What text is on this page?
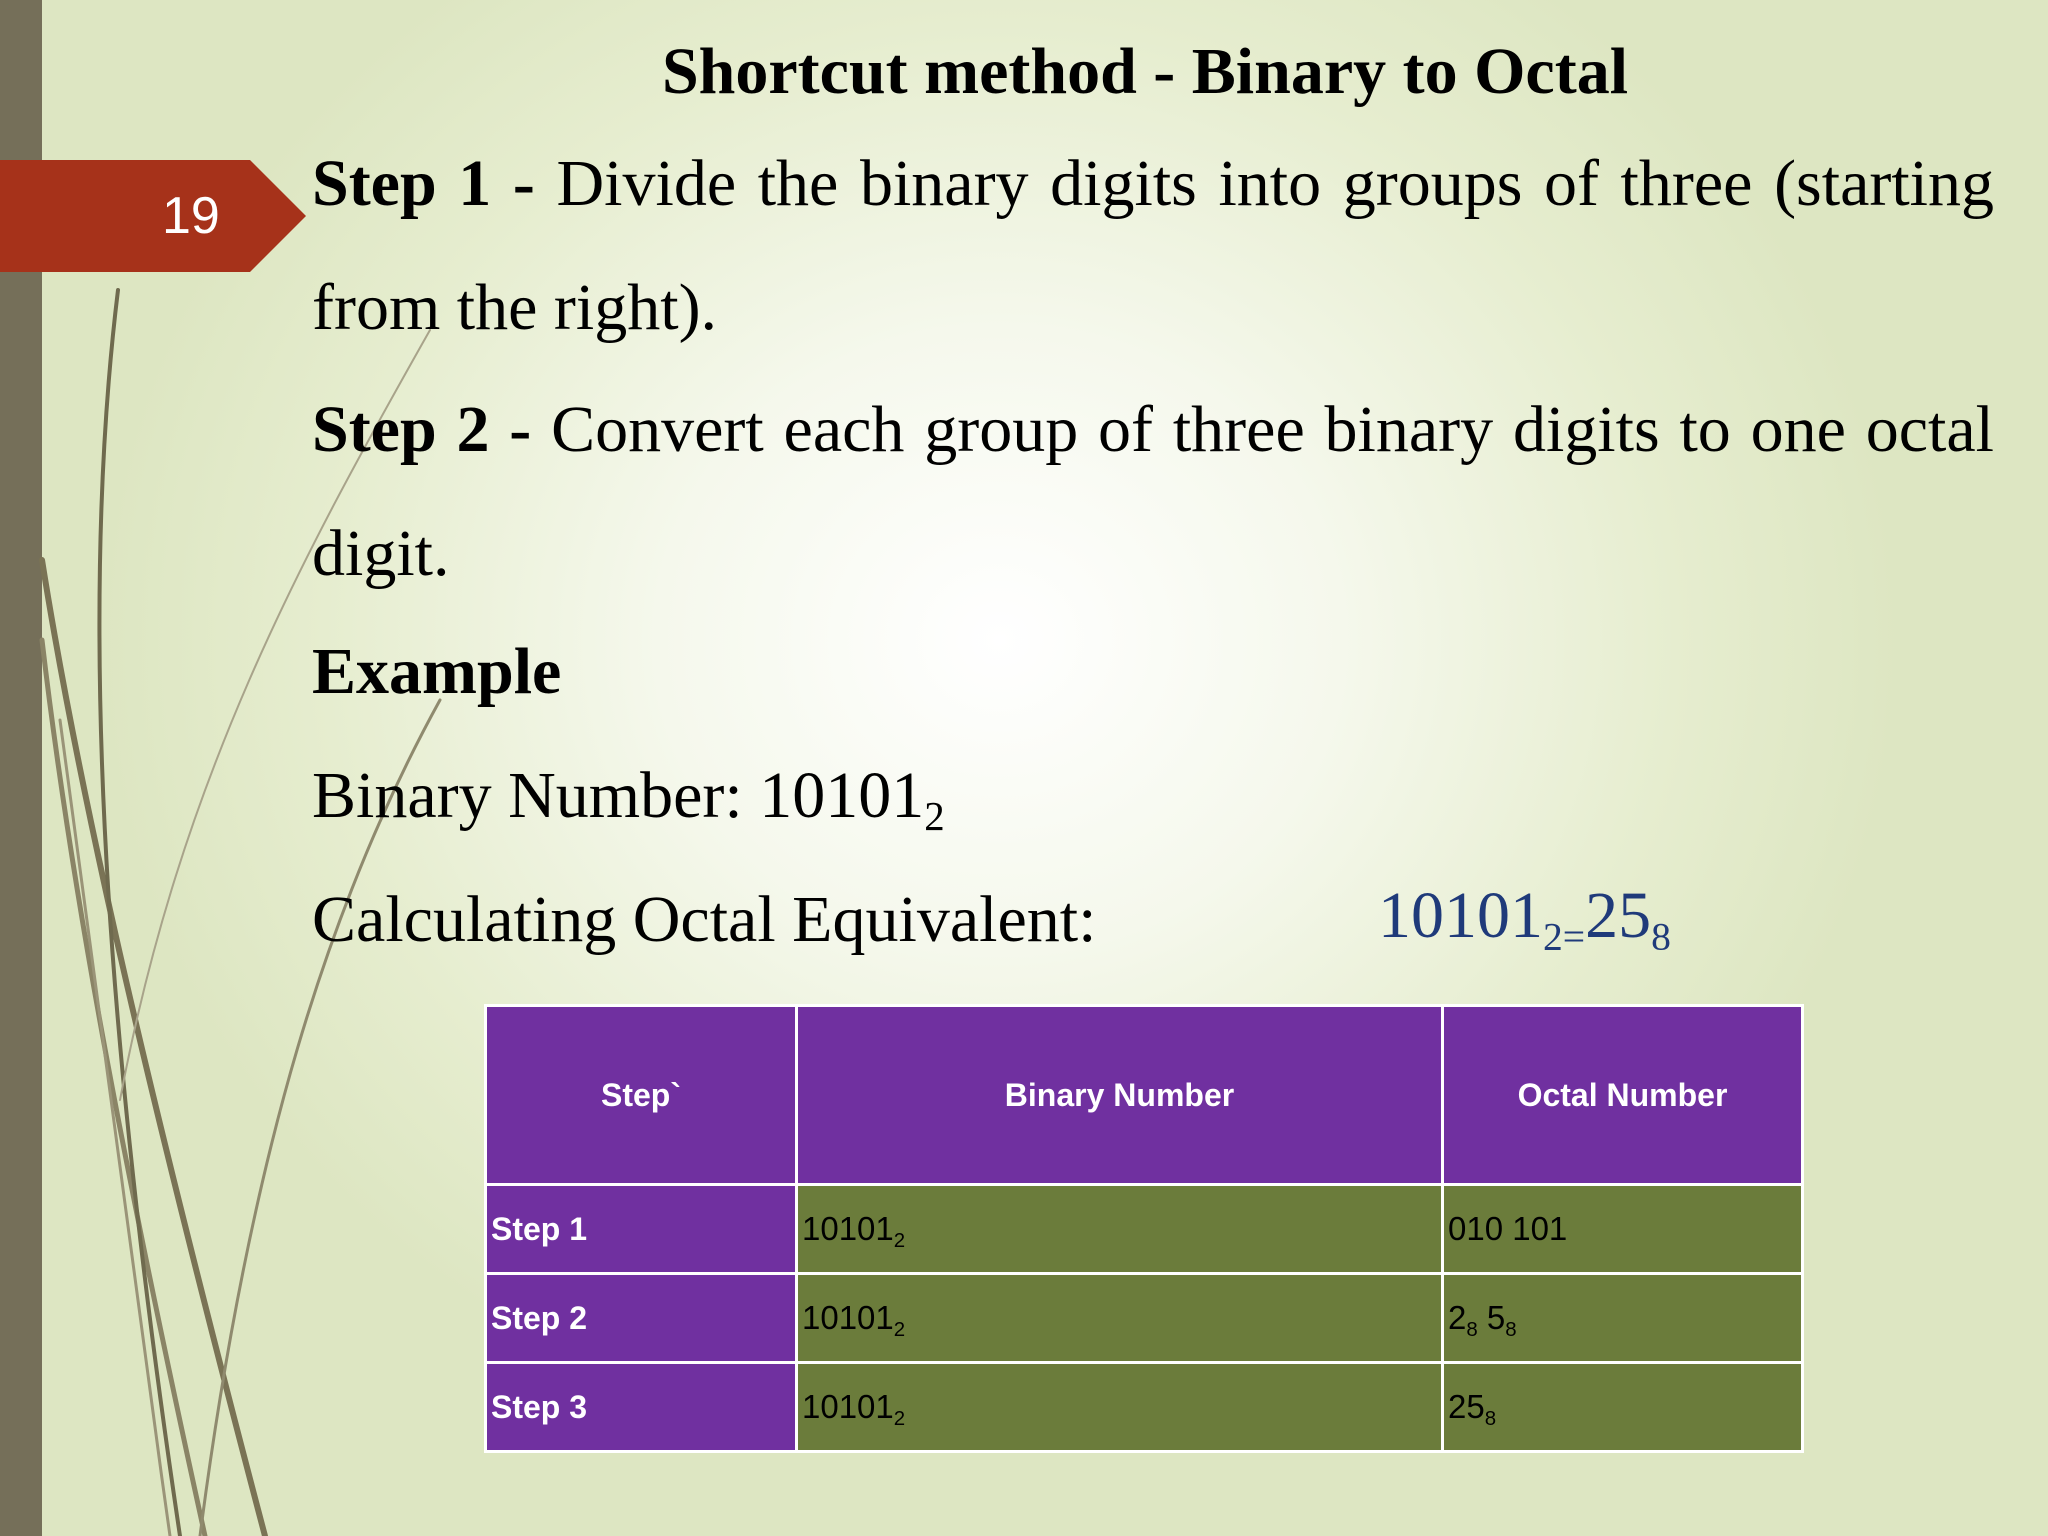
19
Shortcut method - Binary to Octal
Step 1 - Divide the binary digits into groups of three (starting from the right).
Step 2 - Convert each group of three binary digits to one octal digit.
Example
Binary Number: $10101_2$
Calculating Octal Equivalent:	$10101_{2=}25_8$
Step`	Binary Number	Octal Number
Step 1	$10101_2$	010 101
Step 2	$10101_2$	$2_8$ $5_8$
Step 3	$10101_2$	$25_8$
